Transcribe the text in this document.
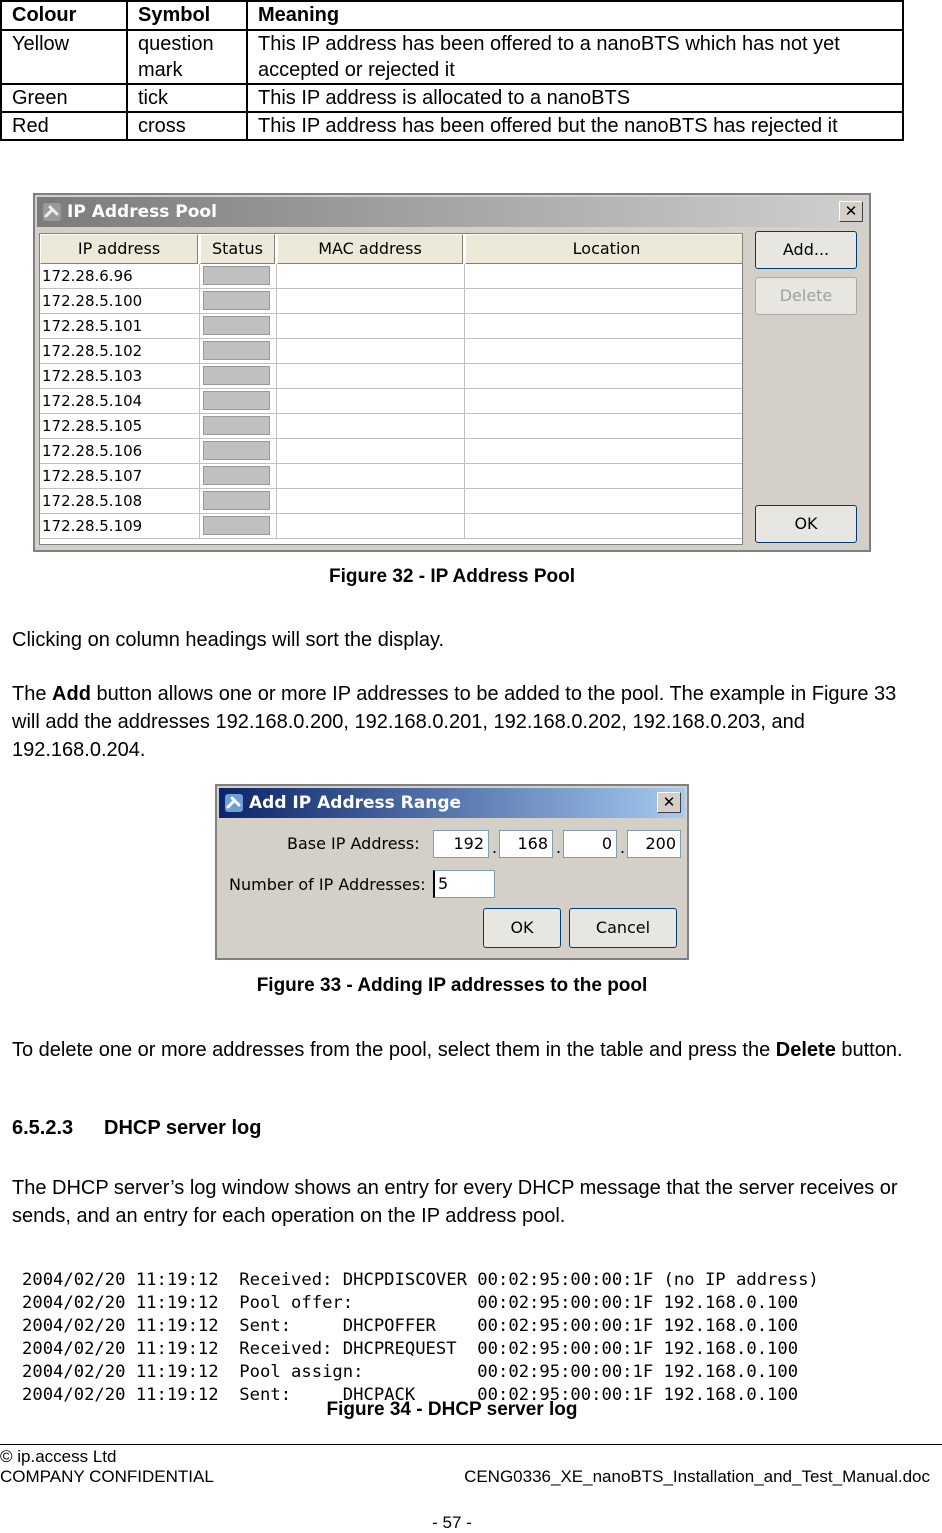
Colour	Symbol	Meaning
Yellow	question mark	This IP address has been offered to a nanoBTS which has not yet accepted or rejected it
Green	tick	This IP address is allocated to a nanoBTS
Red	cross	This IP address has been offered but the nanoBTS has rejected it
IP Address Pool	✕
IP address	Status	MAC address	Location
172.28.6.96
172.28.5.100
172.28.5.101
172.28.5.102
172.28.5.103
172.28.5.104
172.28.5.105
172.28.5.106
172.28.5.107
172.28.5.108
172.28.5.109
Add...
Delete
OK
Figure 32 - IP Address Pool
Clicking on column headings will sort the display.
The Add button allows one or more IP addresses to be added to the pool. The example in Figure 33 will add the addresses 192.168.0.200, 192.168.0.201, 192.168.0.202, 192.168.0.203, and 192.168.0.204.
Add IP Address Range	✕
Base IP Address:	192 .	168 .	0 .	200
Number of IP Addresses: 5
OK	Cancel
Figure 33 - Adding IP addresses to the pool
To delete one or more addresses from the pool, select them in the table and press the Delete button.
6.5.2.3 DHCP server log
The DHCP server’s log window shows an entry for every DHCP message that the server receives or sends, and an entry for each operation on the IP address pool.

2004/02/20 11:19:12  Received: DHCPDISCOVER 00:02:95:00:00:1F (no IP address)
2004/02/20 11:19:12  Pool offer:            00:02:95:00:00:1F 192.168.0.100
2004/02/20 11:19:12  Sent:     DHCPOFFER    00:02:95:00:00:1F 192.168.0.100
2004/02/20 11:19:12  Received: DHCPREQUEST  00:02:95:00:00:1F 192.168.0.100
2004/02/20 11:19:12  Pool assign:           00:02:95:00:00:1F 192.168.0.100
2004/02/20 11:19:12  Sent:     DHCPACK      00:02:95:00:00:1F 192.168.0.100

Figure 34 - DHCP server log
© ip.access Ltd
COMPANY CONFIDENTIAL	CENG0336_XE_nanoBTS_Installation_and_Test_Manual.doc
- 57 -
